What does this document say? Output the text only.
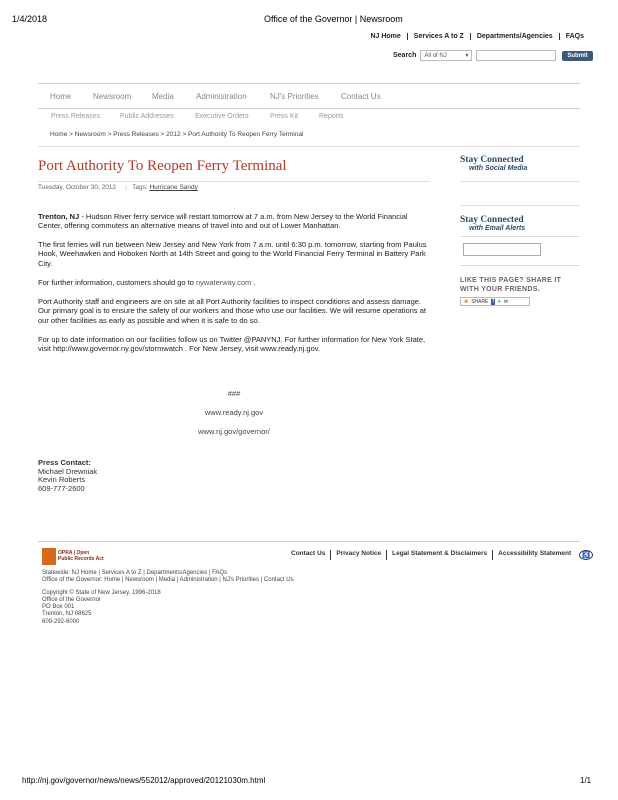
1/4/2018	Office of the Governor | Newsroom
NJ Home	Services A to Z	Departments/Agencies	FAQs
Search All of NJ	▾	Submit
Home	Newsroom	Media	Administration	NJ's Priorities	Contact Us
Press Releases	Public Addresses	Executive Orders	Press Kit	Reports
Home > Newsroom > Press Releases > 2012 > Port Authority To Reopen Ferry Terminal
Port Authority To Reopen Ferry Terminal
Tuesday, October 30, 2012 | Tags: Hurricane Sandy
Trenton, NJ - Hudson River ferry service will restart tomorrow at 7 a.m. from New Jersey to the World Financial Center, offering commuters an alternative means of travel into and out of Lower Manhattan.
The first ferries will run between New Jersey and New York from 7 a.m. until 6:30 p.m. tomorrow, starting from Paulus Hook, Weehawken and Hoboken North at 14th Street and going to the World Financial Ferry Terminal in Battery Park City.
For further information, customers should go to nywaterway.com .
Port Authority staff and engineers are on site at all Port Authority facilities to inspect conditions and assess damage. Our primary goal is to ensure the safety of our workers and those who use our facilities. We will resume operations at our other facilities as early as possible and when it is safe to do so.
For up to date information on our facilities follow us on Twitter @PANYNJ. For further information for New York State, visit http://www.governor.ny.gov/stormwatch . For New Jersey, visit www.ready.nj.gov.
###
www.ready.nj.gov
www.nj.gov/governor/
Press Contact:
Michael Drewniak
Kevin Roberts
609-777-2600
Stay Connected
with Social Media
Stay Connected
with Email Alerts
LIKE THIS PAGE? SHARE IT
WITH YOUR FRIENDS.
✚ SHARE f ♥ ✉
OPRA | Open
Public Records Act
Contact Us	Privacy Notice	Legal Statement & Disclaimers	Accessibility Statement	♿
Statewide: NJ Home | Services A to Z | Departments/Agencies | FAQs
Office of the Governor: Home | Newsroom | Media | Administration | NJ's Priorities | Contact Us
Copyright © State of New Jersey, 1996-2018
Office of the Governor
PO Box 001
Trenton, NJ 08625
609-292-6000
http://nj.gov/governor/news/news/552012/approved/20121030m.html	1/1
